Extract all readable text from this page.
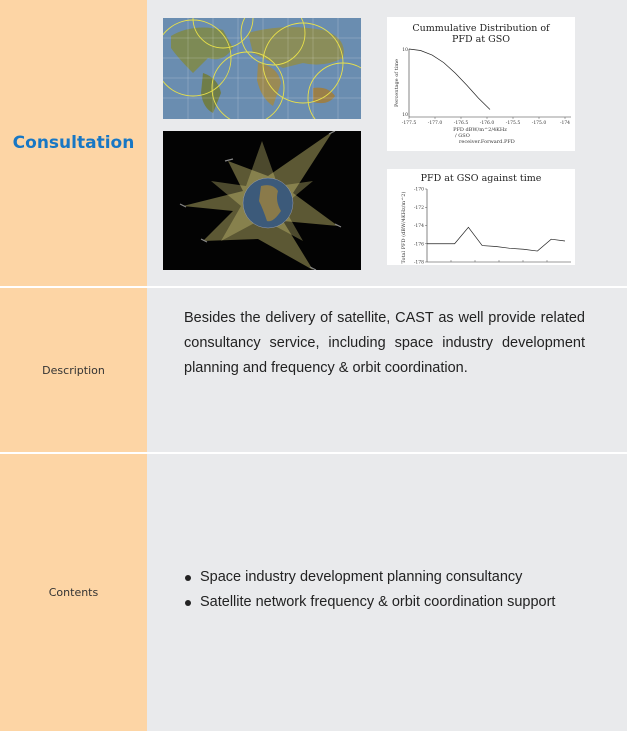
Consultation
Cummulative Distribution of
PFD at GSO
-177.5	-177.0	-176.5	-176.0	-175.5	-175.0	-174
10
10
PFD dBW/m^2/4KHz
Percentage of time
/ GSO
receiver.Forward.PFD
PFD at GSO against time
-170
-172
-174
-176
-178
Total PFD (dBW/4KHz/m^2)
Description
Besides the delivery of satellite, CAST as well provide related consultancy service, including space industry development planning and frequency & orbit coordination.
Contents
Space industry development planning consultancy
Satellite network frequency & orbit coordination support
